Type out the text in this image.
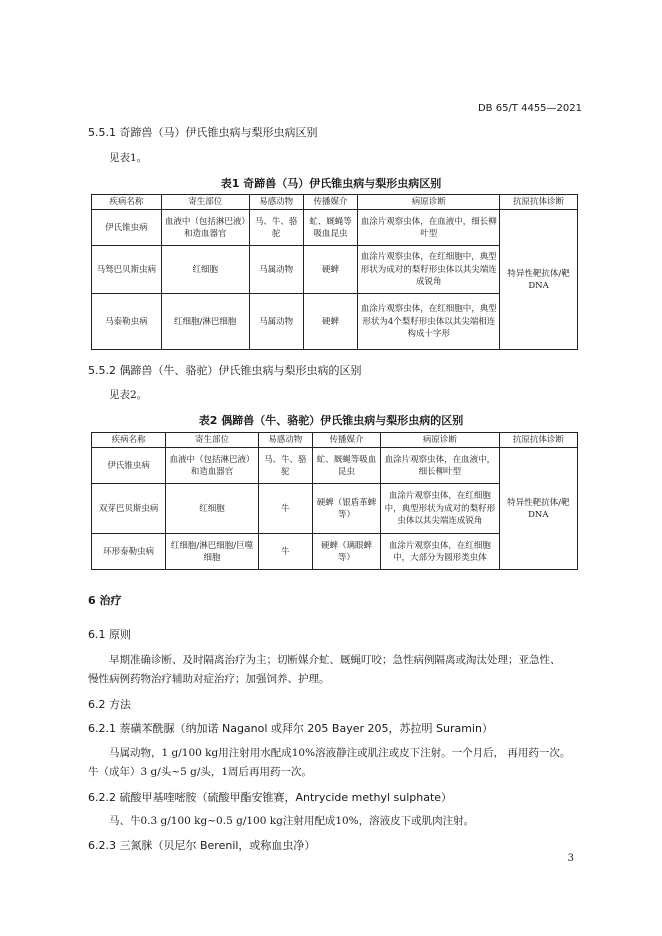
DB 65/T 4455—2021
5.5.1 奇蹄兽（马）伊氏锥虫病与梨形虫病区别
见表1。
表1 奇蹄兽（马）伊氏锥虫病与梨形虫病区别
疾病名称	寄生部位	易感动物	传播媒介	病原诊断	抗原抗体诊断
伊氏锥虫病	血液中（包括淋巴液）和造血器官	马、牛、骆驼	虻、厩蝇等吸血昆虫	血涂片观察虫体，在血液中，细长柳叶型	特异性靶抗体/靶DNA
马驽巴贝斯虫病	红细胞	马属动物	硬蜱	血涂片观察虫体，在红细胞中，典型形状为成对的梨籽形虫体以其尖端连成锐角	
马泰勒虫病	红细胞/淋巴细胞	马属动物	硬蜱	血涂片观察虫体，在红细胞中，典型形状为4个梨籽形虫体以其尖端相连构成十字形	
5.5.2 偶蹄兽（牛、骆驼）伊氏锥虫病与梨形虫病的区别
见表2。
表2 偶蹄兽（牛、骆驼）伊氏锥虫病与梨形虫病的区别
疾病名称	寄生部位	易感动物	传播媒介	病原诊断	抗原抗体诊断
伊氏锥虫病	血液中（包括淋巴液）和造血器官	马、牛、骆驼	虻、厩蝇等吸血昆虫	血涂片观察虫体，在血液中，细长柳叶型	特异性靶抗体/靶DNA
双芽巴贝斯虫病	红细胞	牛	硬蜱（银盾革蜱等）	血涂片观察虫体，在红细胞中，典型形状为成对的梨籽形虫体以其尖端连成锐角	
环形泰勒虫病	红细胞/淋巴细胞/巨噬细胞	牛	硬蜱（璃眼蜱等）	血涂片观察虫体，在红细胞中，大部分为圆形类虫体	
6 治疗
6.1 原则
早期准确诊断、及时隔离治疗为主；切断媒介虻、厩蝇叮咬；急性病例隔离或淘汰处理；亚急性、
慢性病例药物治疗辅助对症治疗；加强饲养、护理。
6.2 方法
6.2.1 萘磺苯酰脲（纳加诺 Naganol 或拜尔 205 Bayer 205，苏拉明 Suramin）
马属动物，1 g/100 kg用注射用水配成10%溶液静注或肌注或皮下注射。一个月后， 再用药一次。
牛（成年）3 g/头~5 g/头，1周后再用药一次。
6.2.2 硫酸甲基喹嘧胺（硫酸甲酯安锥赛，Antrycide methyl sulphate）
马、牛0.3 g/100 kg~0.5 g/100 kg注射用配成10%，溶液皮下或肌肉注射。
6.2.3 三氮脒（贝尼尔 Berenil，或称血虫净）
3
